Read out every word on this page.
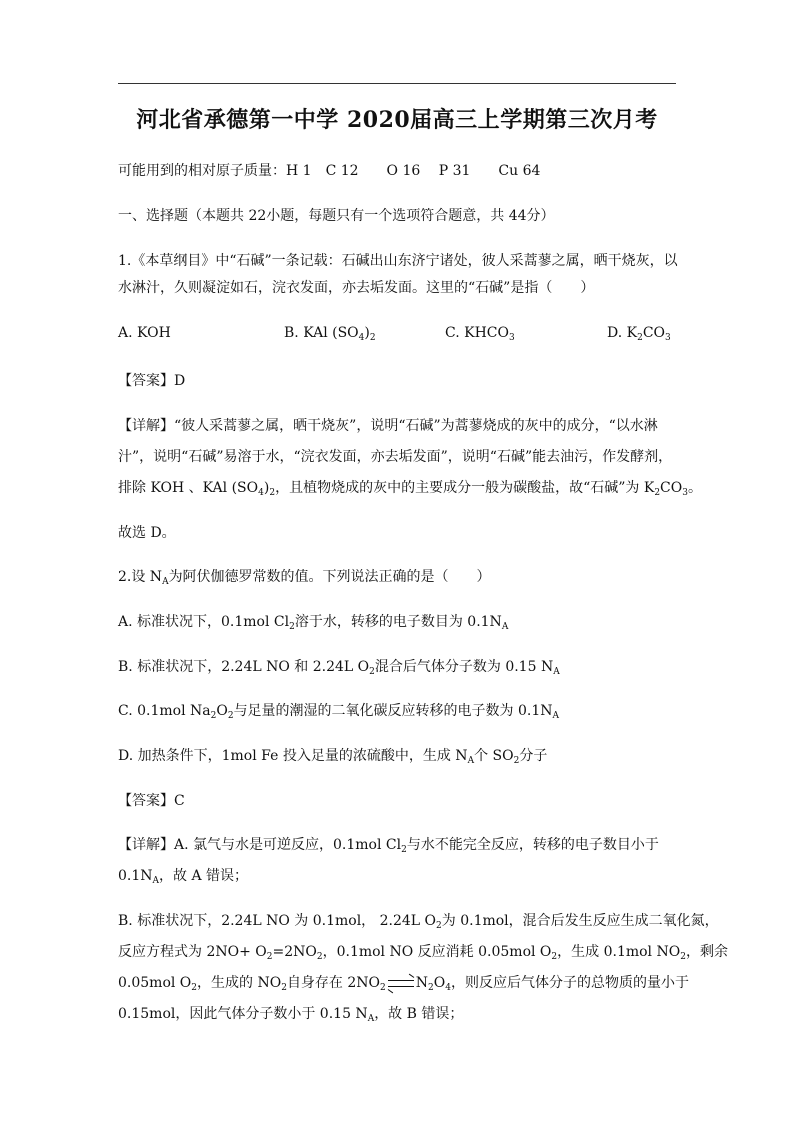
河北省承德第一中学 2020届高三上学期第三次月考
可能用到的相对原子质量：H 1　C 12　　O 16　 P 31　　Cu 64
一、选择题（本题共 22小题，每题只有一个选项符合题意，共 44分）
1.《本草纲目》中“石碱”一条记载：石碱出山东济宁诸处，彼人采蒿蓼之属，晒干烧灰，以
水淋汁，久则凝淀如石，浣衣发面，亦去垢发面。这里的“石碱”是指（　　）
A. KOH	B. KAl $(SO_4)_2$	C. $KHCO_3$	D. $K_2CO_3$
【答案】D
【详解】“彼人采蒿蓼之属，晒干烧灰”，说明“石碱”为蒿蓼烧成的灰中的成分，“以水淋
汁”，说明“石碱”易溶于水，“浣衣发面，亦去垢发面”，说明“石碱”能去油污，作发酵剂，
排除 KOH 、KAl $(SO_4)_2$，且植物烧成的灰中的主要成分一般为碳酸盐，故“石碱”为 $K_2CO_3$。
故选 D。
2.设 $N_A$为阿伏伽德罗常数的值。下列说法正确的是（　　）
A. 标准状况下，0.1mol $Cl_2$溶于水，转移的电子数目为 $0.1N_A$
B. 标准状况下，2.24L NO 和 2.24L $O_2$混合后气体分子数为 0.15 $N_A$
C. 0.1mol $Na_2O_2$与足量的潮湿的二氧化碳反应转移的电子数为 $0.1N_A$
D. 加热条件下，1mol Fe 投入足量的浓硫酸中，生成 $N_A$个 $SO_2$分子
【答案】C
【详解】A. 氯气与水是可逆反应，0.1mol $Cl_2$与水不能完全反应，转移的电子数目小于
$0.1N_A$，故 A 错误；
B. 标准状况下，2.24L NO 为 0.1mol， 2.24L $O_2$为 0.1mol，混合后发生反应生成二氧化氮，
反应方程式为 $2NO+ O_2=2NO_2$，0.1mol NO 反应消耗 0.05mol $O_2$，生成 0.1mol $NO_2$，剩余
0.05mol $O_2$，生成的 $NO_2$自身存在 $2NO_2$ $N_2O_4$，则反应后气体分子的总物质的量小于
0.15mol，因此气体分子数小于 0.15 $N_A$，故 B 错误；
